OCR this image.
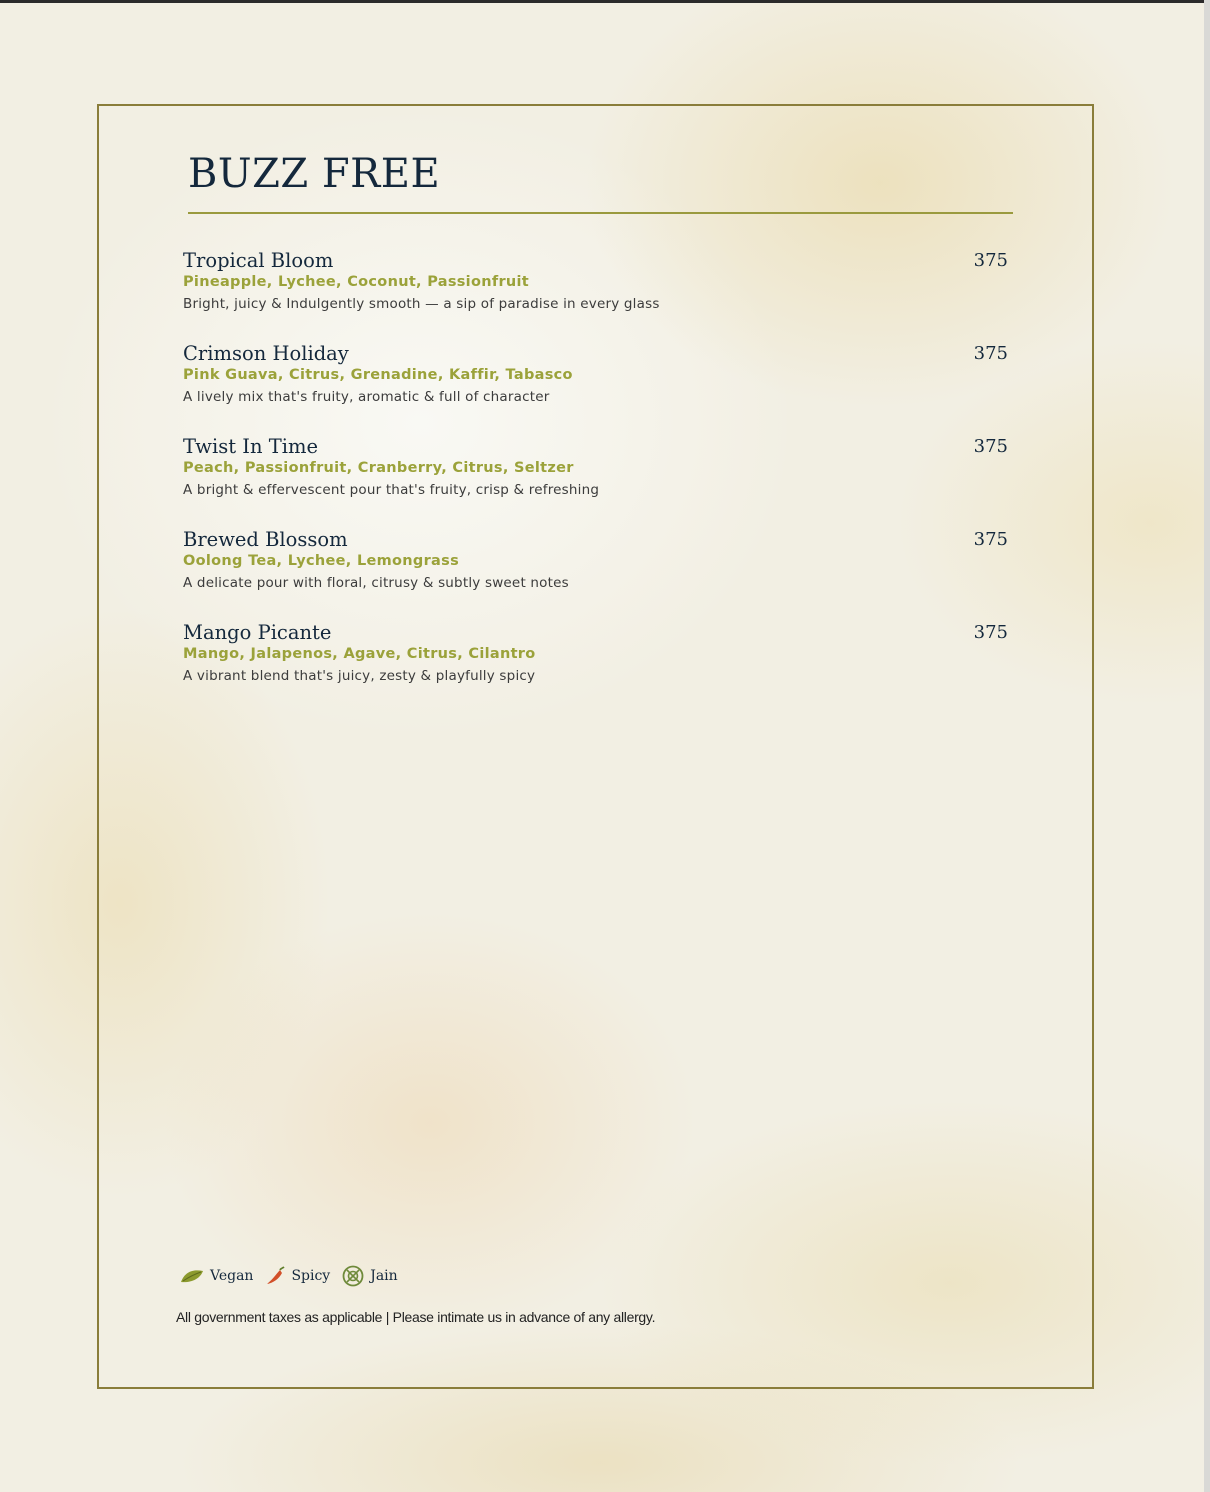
BUZZ FREE
Tropical Bloom	375
Pineapple, Lychee, Coconut, Passionfruit
Bright, juicy & Indulgently smooth — a sip of paradise in every glass
Crimson Holiday	375
Pink Guava, Citrus, Grenadine, Kaffir, Tabasco
A lively mix that's fruity, aromatic & full of character
Twist In Time	375
Peach, Passionfruit, Cranberry, Citrus, Seltzer
A bright & effervescent pour that's fruity, crisp & refreshing
Brewed Blossom	375
Oolong Tea, Lychee, Lemongrass
A delicate pour with floral, citrusy & subtly sweet notes
Mango Picante	375
Mango, Jalapenos, Agave, Citrus, Cilantro
A vibrant blend that's juicy, zesty & playfully spicy
Vegan	Spicy	Jain

All government taxes as applicable | Please intimate us in advance of any allergy.
